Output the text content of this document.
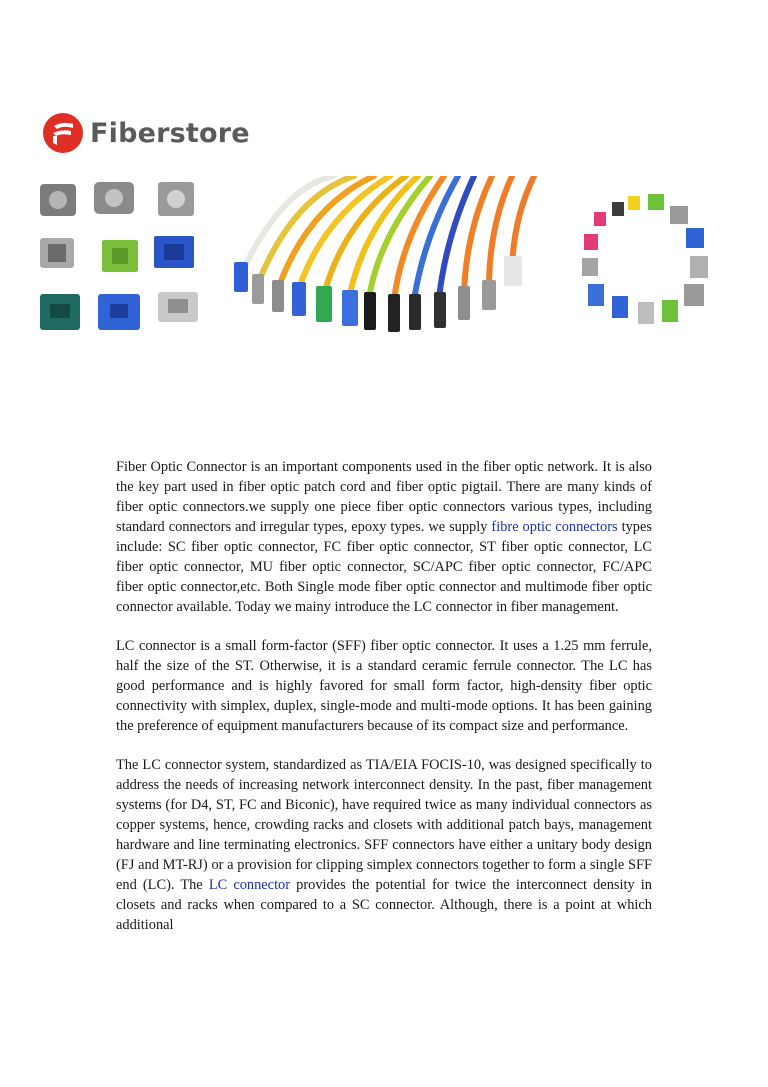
Fiberstore

Fiber Optic Connector is an important components used in the fiber optic network. It is also the key part used in fiber optic patch cord and fiber optic pigtail. There are many kinds of fiber optic connectors.we supply one piece fiber optic connectors various types, including standard connectors and irregular types, epoxy types. we supply fibre optic connectors types include: SC fiber optic connector, FC fiber optic connector, ST fiber optic connector, LC fiber optic connector, MU fiber optic connector, SC/APC fiber optic connector, FC/APC fiber optic connector,etc. Both Single mode fiber optic connector and multimode fiber optic connector available. Today we mainy introduce the LC connector in fiber management.

LC connector is a small form-factor (SFF) fiber optic connector. It uses a 1.25 mm ferrule, half the size of the ST. Otherwise, it is a standard ceramic ferrule connector. The LC has good performance and is highly favored for small form factor, high-density fiber optic connectivity with simplex, duplex, single-mode and multi-mode options. It has been gaining the preference of equipment manufacturers because of its compact size and performance.

The LC connector system, standardized as TIA/EIA FOCIS-10, was designed specifically to address the needs of increasing network interconnect density. In the past, fiber management systems (for D4, ST, FC and Biconic), have required twice as many individual connectors as copper systems, hence, crowding racks and closets with additional patch bays, management hardware and line terminating electronics. SFF connectors have either a unitary body design (FJ and MT-RJ) or a provision for clipping simplex connectors together to form a single SFF end (LC). The LC connector provides the potential for twice the interconnect density in closets and racks when compared to a SC connector. Although, there is a point at which additional
